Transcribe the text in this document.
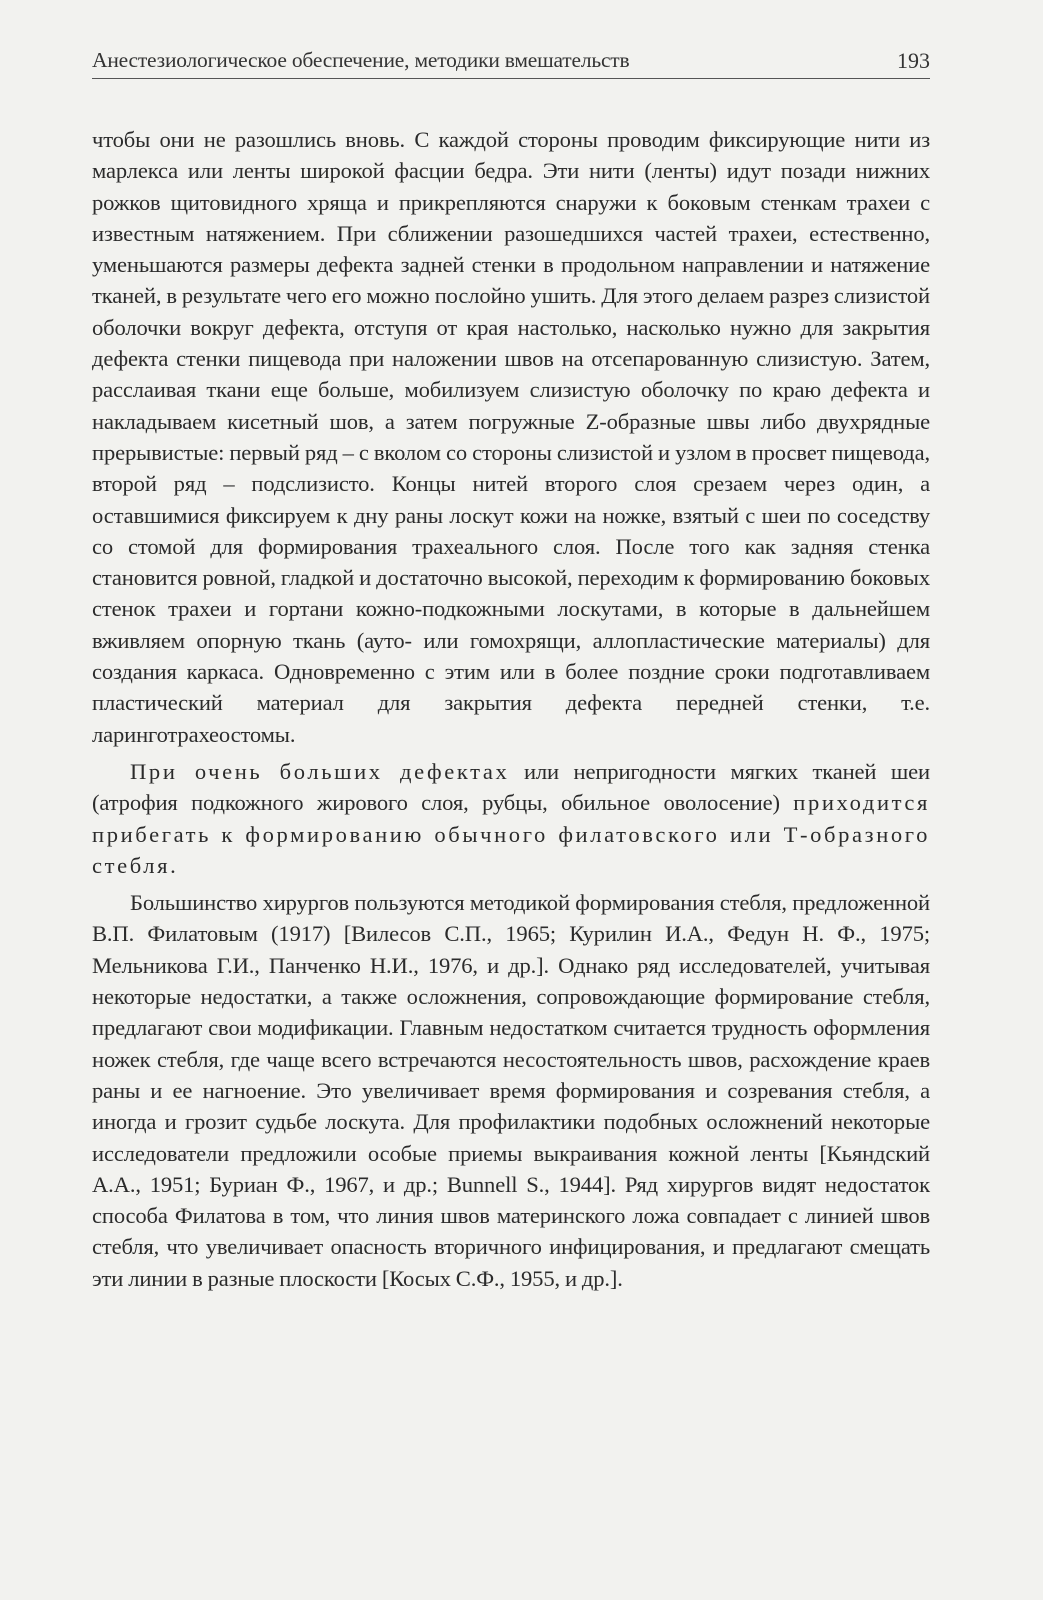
Анестезиологическое обеспечение, методики вмешательств	193

чтобы они не разошлись вновь. С каждой стороны проводим фиксирующие нити из марлекса или ленты широкой фасции бедра. Эти нити (ленты) идут позади нижних рожков щитовидного хряща и прикрепляются снаружи к боковым стенкам трахеи с известным натяжением. При сближении разошедшихся частей трахеи, естественно, уменьшаются размеры дефекта задней стенки в продольном направлении и натяжение тканей, в результате чего его можно послойно ушить. Для этого делаем разрез слизистой оболочки вокруг дефекта, отступя от края настолько, насколько нужно для закрытия дефекта стенки пищевода при наложении швов на отсепарованную слизистую. Затем, расслаивая ткани еще больше, мобилизуем слизистую оболочку по краю дефекта и накладываем кисетный шов, а затем погружные Z-образные швы либо двухрядные прерывистые: первый ряд – с вколом со стороны слизистой и узлом в просвет пищевода, второй ряд – подслизисто. Концы нитей второго слоя срезаем через один, а оставшимися фиксируем к дну раны лоскут кожи на ножке, взятый с шеи по соседству со стомой для формирования трахеального слоя. После того как задняя стенка становится ровной, гладкой и достаточно высокой, переходим к формированию боковых стенок трахеи и гортани кожно-подкожными лоскутами, в которые в дальнейшем вживляем опорную ткань (ауто- или гомохрящи, аллопластические материалы) для создания каркаса. Одновременно с этим или в более поздние сроки подготавливаем пластический материал для закрытия дефекта передней стенки, т.е. ларинготрахеостомы.

При очень больших дефектах или непригодности мягких тканей шеи (атрофия подкожного жирового слоя, рубцы, обильное оволосение) приходится прибегать к формированию обычного филатовского или Т-образного стебля.

Большинство хирургов пользуются методикой формирования стебля, предложенной В.П. Филатовым (1917) [Вилесов С.П., 1965; Курилин И.А., Федун Н. Ф., 1975; Мельникова Г.И., Панченко Н.И., 1976, и др.]. Однако ряд исследователей, учитывая некоторые недостатки, а также осложнения, сопровождающие формирование стебля, предлагают свои модификации. Главным недостатком считается трудность оформления ножек стебля, где чаще всего встречаются несостоятельность швов, расхождение краев раны и ее нагноение. Это увеличивает время формирования и созревания стебля, а иногда и грозит судьбе лоскута. Для профилактики подобных осложнений некоторые исследователи предложили особые приемы выкраивания кожной ленты [Кьяндский А.А., 1951; Буриан Ф., 1967, и др.; Bunnell S., 1944]. Ряд хирургов видят недостаток способа Филатова в том, что линия швов материнского ложа совпадает с линией швов стебля, что увеличивает опасность вторичного инфицирования, и предлагают смещать эти линии в разные плоскости [Косых С.Ф., 1955, и др.].
